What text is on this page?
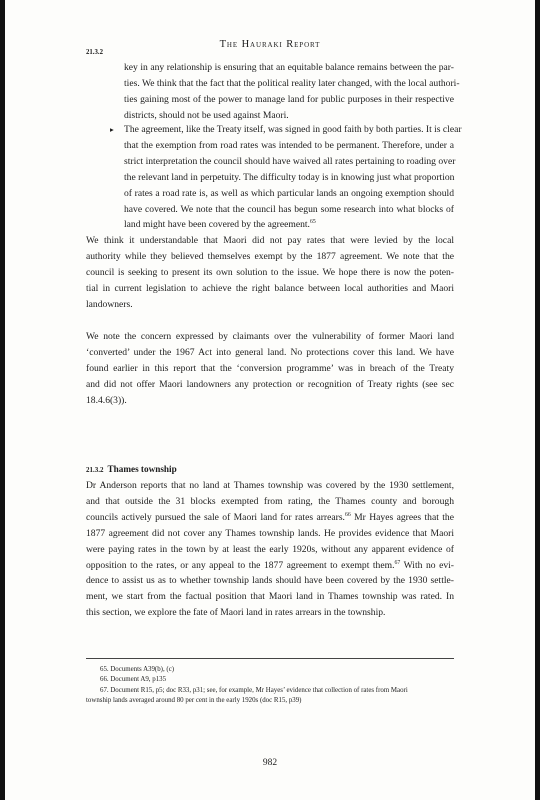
The Hauraki Report
21.3.2
key in any relationship is ensuring that an equitable balance remains between the par-
ties. We think that the fact that the political reality later changed, with the local authori-
ties gaining most of the power to manage land for public purposes in their respective
districts, should not be used against Maori.
▸ The agreement, like the Treaty itself, was signed in good faith by both parties. It is clear
that the exemption from road rates was intended to be permanent. Therefore, under a
strict interpretation the council should have waived all rates pertaining to roading over
the relevant land in perpetuity. The difficulty today is in knowing just what proportion
of rates a road rate is, as well as which particular lands an ongoing exemption should
have covered. We note that the council has begun some research into what blocks of
land might have been covered by the agreement.$^{65}$
We think it understandable that Maori did not pay rates that were levied by the local
authority while they believed themselves exempt by the 1877 agreement. We note that the
council is seeking to present its own solution to the issue. We hope there is now the poten-
tial in current legislation to achieve the right balance between local authorities and Maori
landowners.
We note the concern expressed by claimants over the vulnerability of former Maori land
‘converted’ under the 1967 Act into general land. No protections cover this land. We have
found earlier in this report that the ‘conversion programme’ was in breach of the Treaty
and did not offer Maori landowners any protection or recognition of Treaty rights (see sec
18.4.6(3)).
21.3.2 Thames township
Dr Anderson reports that no land at Thames township was covered by the 1930 settlement,
and that outside the 31 blocks exempted from rating, the Thames county and borough
councils actively pursued the sale of Maori land for rates arrears.$^{66}$ Mr Hayes agrees that the
1877 agreement did not cover any Thames township lands. He provides evidence that Maori
were paying rates in the town by at least the early 1920s, without any apparent evidence of
opposition to the rates, or any appeal to the 1877 agreement to exempt them.$^{67}$ With no evi-
dence to assist us as to whether township lands should have been covered by the 1930 settle-
ment, we start from the factual position that Maori land in Thames township was rated. In
this section, we explore the fate of Maori land in rates arrears in the township.
65. Documents A39(b), (c)
66. Document A9, p135
67. Document R15, p5; doc R33, p31; see, for example, Mr Hayes’ evidence that collection of rates from Maori
township lands averaged around 80 per cent in the early 1920s (doc R15, p39)
982
